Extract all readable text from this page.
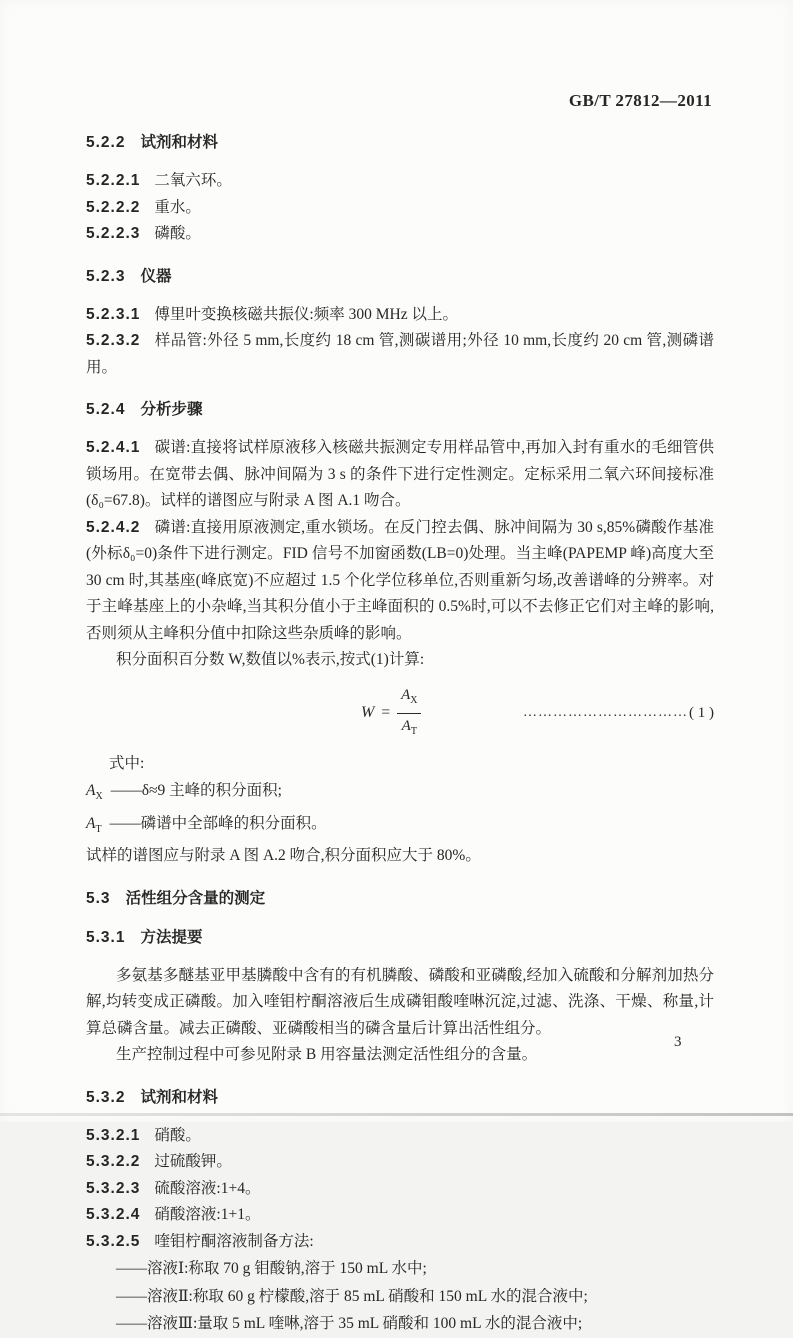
GB/T 27812—2011
5.2.2 试剂和材料
5.2.2.1 二氧六环。
5.2.2.2 重水。
5.2.2.3 磷酸。
5.2.3 仪器
5.2.3.1 傅里叶变换核磁共振仪:频率 300 MHz 以上。
5.2.3.2 样品管:外径 5 mm,长度约 18 cm 管,测碳谱用;外径 10 mm,长度约 20 cm 管,测磷谱用。
5.2.4 分析步骤
5.2.4.1 碳谱:直接将试样原液移入核磁共振测定专用样品管中,再加入封有重水的毛细管供锁场用。在宽带去偶、脉冲间隔为 3 s 的条件下进行定性测定。定标采用二氧六环间接标准(δ₀=67.8)。试样的谱图应与附录 A 图 A.1 吻合。
5.2.4.2 磷谱:直接用原液测定,重水锁场。在反门控去偶、脉冲间隔为 30 s,85%磷酸作基准(外标δ₀=0)条件下进行测定。FID 信号不加窗函数(LB=0)处理。当主峰(PAPEMP 峰)高度大至 30 cm 时,其基座(峰底宽)不应超过 1.5 个化学位移单位,否则重新匀场,改善谱峰的分辨率。对于主峰基座上的小杂峰,当其积分值小于主峰面积的 0.5%时,可以不去修正它们对主峰的影响,否则须从主峰积分值中扣除这些杂质峰的影响。

积分面积百分数 W,数值以%表示,按式(1)计算:

$W = \frac{A_X}{A_T}$	…………………………… ( 1 )

式中:

$A_X$ ——δ≈9 主峰的积分面积;
$A_T$ ——磷谱中全部峰的积分面积。

试样的谱图应与附录 A 图 A.2 吻合,积分面积应大于 80%。

5.3 活性组分含量的测定
5.3.1 方法提要

多氨基多醚基亚甲基膦酸中含有的有机膦酸、磷酸和亚磷酸,经加入硫酸和分解剂加热分解,均转变成正磷酸。加入喹钼柠酮溶液后生成磷钼酸喹啉沉淀,过滤、洗涤、干燥、称量,计算总磷含量。减去正磷酸、亚磷酸相当的磷含量后计算出活性组分。

生产控制过程中可参见附录 B 用容量法测定活性组分的含量。

5.3.2 试剂和材料
5.3.2.1 硝酸。
5.3.2.2 过硫酸钾。
5.3.2.3 硫酸溶液:1+4。
5.3.2.4 硝酸溶液:1+1。
5.3.2.5 喹钼柠酮溶液制备方法:

——溶液Ⅰ:称取 70 g 钼酸钠,溶于 150 mL 水中;

——溶液Ⅱ:称取 60 g 柠檬酸,溶于 85 mL 硝酸和 150 mL 水的混合液中;

——溶液Ⅲ:量取 5 mL 喹啉,溶于 35 mL 硝酸和 100 mL 水的混合液中;

3
